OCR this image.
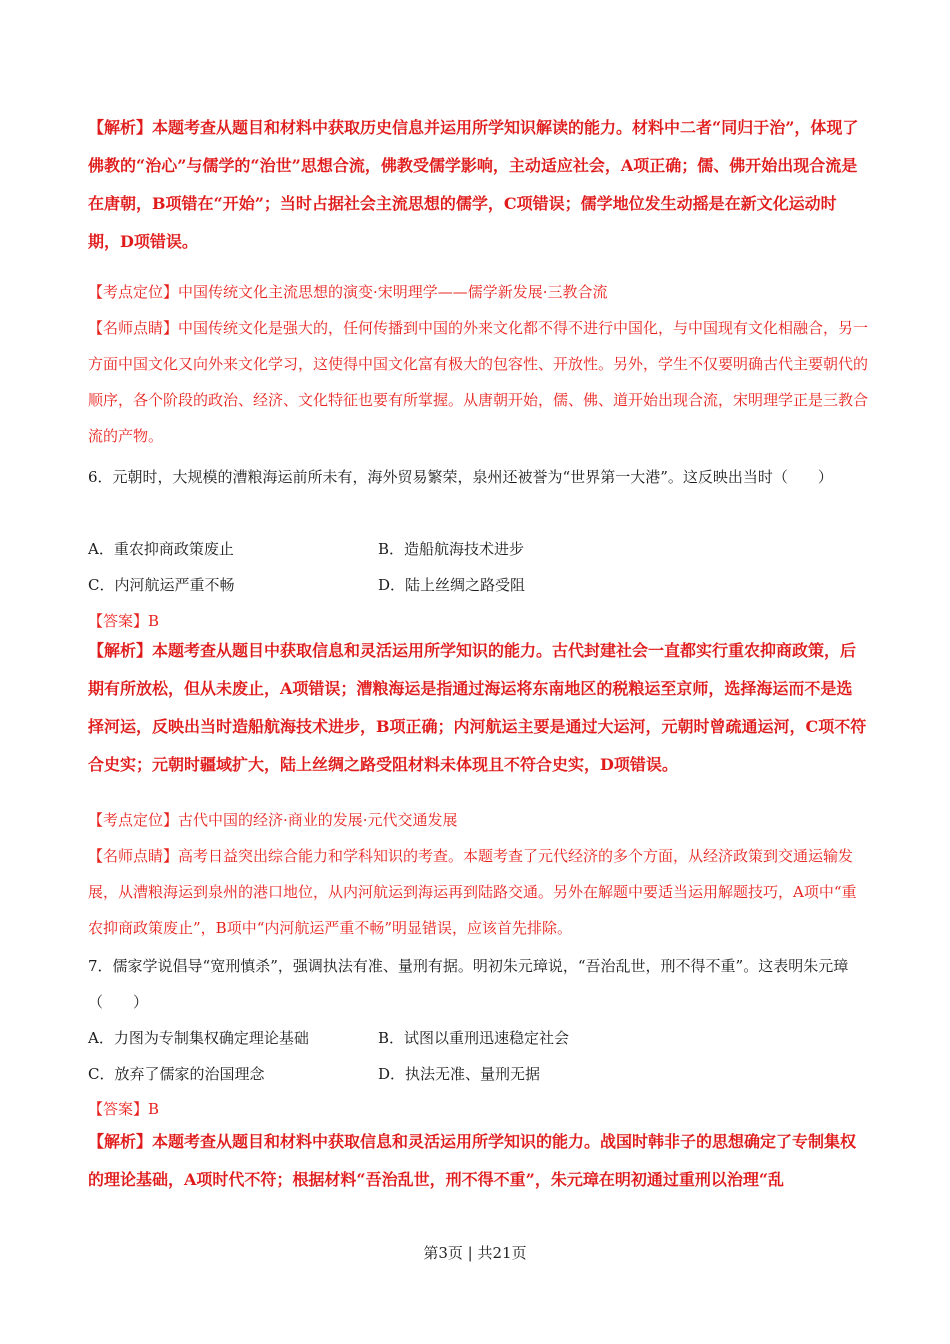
【解析】本题考查从题目和材料中获取历史信息并运用所学知识解读的能力。材料中二者“同归于治”，体现了佛教的“治心”与儒学的“治世”思想合流，佛教受儒学影响，主动适应社会，A项正确；儒、佛开始出现合流是在唐朝，B项错在“开始”；当时占据社会主流思想的儒学，C项错误；儒学地位发生动摇是在新文化运动时期，D项错误。

【考点定位】中国传统文化主流思想的演变·宋明理学——儒学新发展·三教合流

【名师点睛】中国传统文化是强大的，任何传播到中国的外来文化都不得不进行中国化，与中国现有文化相融合，另一方面中国文化又向外来文化学习，这使得中国文化富有极大的包容性、开放性。另外，学生不仅要明确古代主要朝代的顺序，各个阶段的政治、经济、文化特征也要有所掌握。从唐朝开始，儒、佛、道开始出现合流，宋明理学正是三教合流的产物。

6．元朝时，大规模的漕粮海运前所未有，海外贸易繁荣，泉州还被誉为“世界第一大港”。这反映出当时（　　）

A．重农抑商政策废止	B．造船航海技术进步
C．内河航运严重不畅	D．陆上丝绸之路受阻

【答案】B

【解析】本题考查从题目中获取信息和灵活运用所学知识的能力。古代封建社会一直都实行重农抑商政策，后期有所放松，但从未废止，A项错误；漕粮海运是指通过海运将东南地区的税粮运至京师，选择海运而不是选择河运，反映出当时造船航海技术进步，B项正确；内河航运主要是通过大运河，元朝时曾疏通运河，C项不符合史实；元朝时疆域扩大，陆上丝绸之路受阻材料未体现且不符合史实，D项错误。

【考点定位】古代中国的经济·商业的发展·元代交通发展

【名师点睛】高考日益突出综合能力和学科知识的考查。本题考查了元代经济的多个方面，从经济政策到交通运输发展，从漕粮海运到泉州的港口地位，从内河航运到海运再到陆路交通。另外在解题中要适当运用解题技巧，A项中“重农抑商政策废止”，B项中“内河航运严重不畅”明显错误，应该首先排除。

7．儒家学说倡导“宽刑慎杀”，强调执法有准、量刑有据。明初朱元璋说，“吾治乱世，刑不得不重”。这表明朱元璋（　　）

A．力图为专制集权确定理论基础	B．试图以重刑迅速稳定社会
C．放弃了儒家的治国理念	D．执法无准、量刑无据

【答案】B

【解析】本题考查从题目和材料中获取信息和灵活运用所学知识的能力。战国时韩非子的思想确定了专制集权的理论基础，A项时代不符；根据材料“吾治乱世，刑不得不重”，朱元璋在明初通过重刑以治理“乱

第3页 | 共21页
